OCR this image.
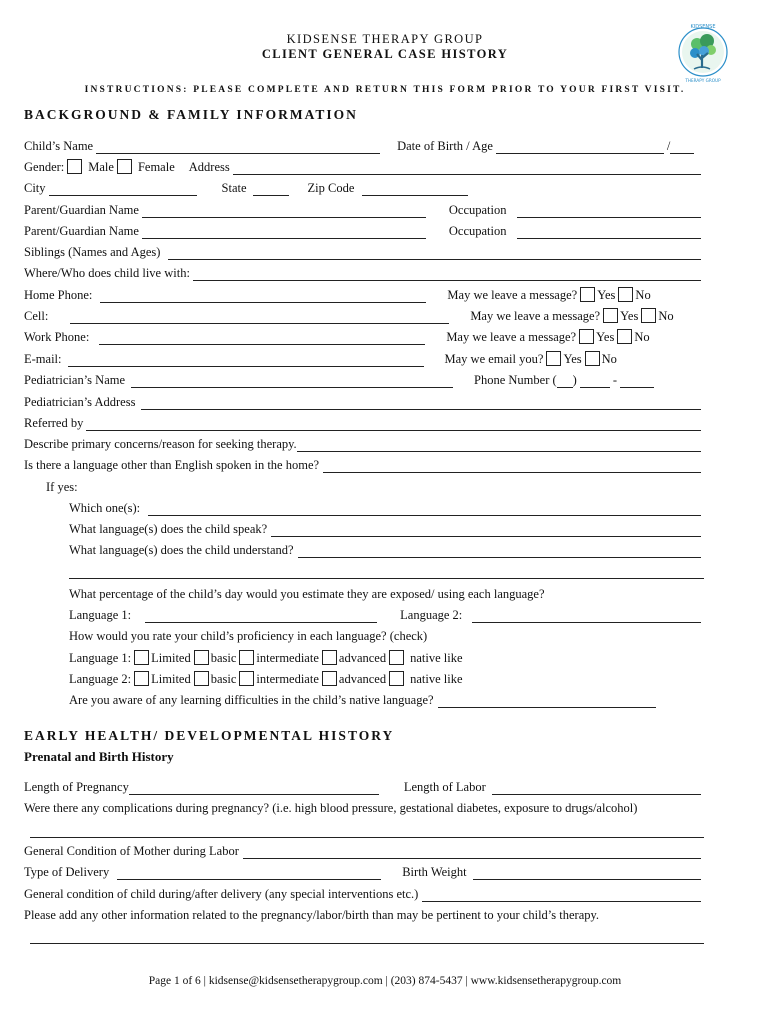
KIDSENSE THERAPY GROUP
CLIENT GENERAL CASE HISTORY
INSTRUCTIONS: PLEASE COMPLETE AND RETURN THIS FORM PRIOR TO YOUR FIRST VISIT.
KIDSENSE
THERAPY GROUP
BACKGROUND & FAMILY INFORMATION
Child’s Name	Date of Birth / Age	/
Gender: Male Female Address
City	State	Zip Code
Parent/Guardian Name	Occupation
Parent/Guardian Name	Occupation
Siblings (Names and Ages)
Where/Who does child live with:
Home Phone:	May we leave a message? Yes No
Cell:	May we leave a message? Yes No
Work Phone:	May we leave a message? Yes No
E-mail:	May we email you? Yes No
Pediatrician’s Name	Phone Number ( )	-
Pediatrician’s Address
Referred by
Describe primary concerns/reason for seeking therapy.
Is there a language other than English spoken in the home?
If yes:
Which one(s):
What language(s) does the child speak?
What language(s) does the child understand?
What percentage of the child’s day would you estimate they are exposed/ using each language?
Language 1:	Language 2:
How would you rate your child’s proficiency in each language? (check)
Language 1: Limited basic intermediate advanced native like
Language 2: Limited basic intermediate advanced native like
Are you aware of any learning difficulties in the child’s native language?
EARLY HEALTH/ DEVELOPMENTAL HISTORY
Prenatal and Birth History
Length of Pregnancy	Length of Labor
Were there any complications during pregnancy? (i.e. high blood pressure, gestational diabetes, exposure to drugs/alcohol)
General Condition of Mother during Labor
Type of Delivery	Birth Weight
General condition of child during/after delivery (any special interventions etc.)
Please add any other information related to the pregnancy/labor/birth than may be pertinent to your child’s therapy.
Page 1 of 6 | kidsense@kidsensetherapygroup.com | (203) 874-5437 | www.kidsensetherapygroup.com
